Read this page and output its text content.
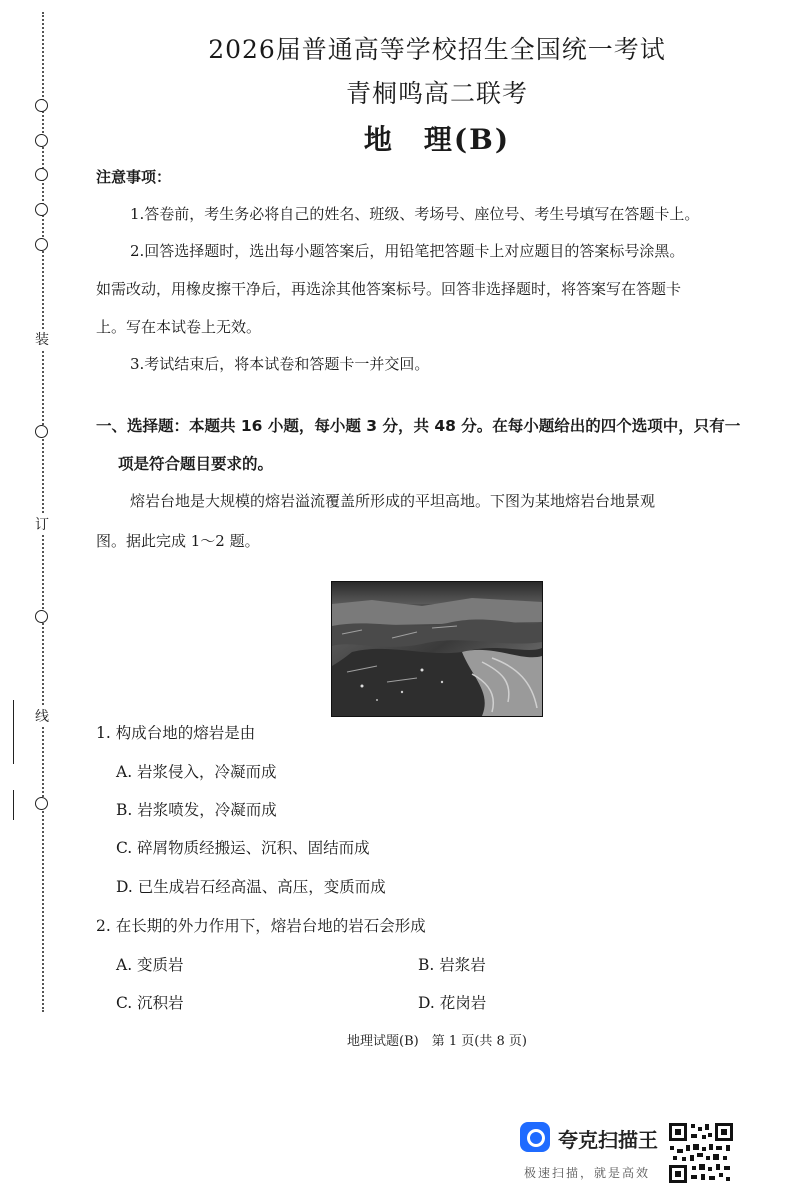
装
订
线
2026届普通高等学校招生全国统一考试
青桐鸣高二联考
地　理(B)
注意事项：
1.答卷前，考生务必将自己的姓名、班级、考场号、座位号、考生号填写在答题卡上。
2.回答选择题时，选出每小题答案后，用铅笔把答题卡上对应题目的答案标号涂黑。
如需改动，用橡皮擦干净后，再选涂其他答案标号。回答非选择题时，将答案写在答题卡
上。写在本试卷上无效。
3.考试结束后，将本试卷和答题卡一并交回。
一、选择题：本题共 16 小题，每小题 3 分，共 48 分。在每小题给出的四个选项中，只有一
项是符合题目要求的。
熔岩台地是大规模的熔岩溢流覆盖所形成的平坦高地。下图为某地熔岩台地景观
图。据此完成 1～2 题。
1. 构成台地的熔岩是由
A. 岩浆侵入，冷凝而成
B. 岩浆喷发，冷凝而成
C. 碎屑物质经搬运、沉积、固结而成
D. 已生成岩石经高温、高压，变质而成
2. 在长期的外力作用下，熔岩台地的岩石会形成
A. 变质岩	B. 岩浆岩
C. 沉积岩	D. 花岗岩
地理试题(B)　第 1 页(共 8 页)
夸克扫描王
极速扫描，就是高效
